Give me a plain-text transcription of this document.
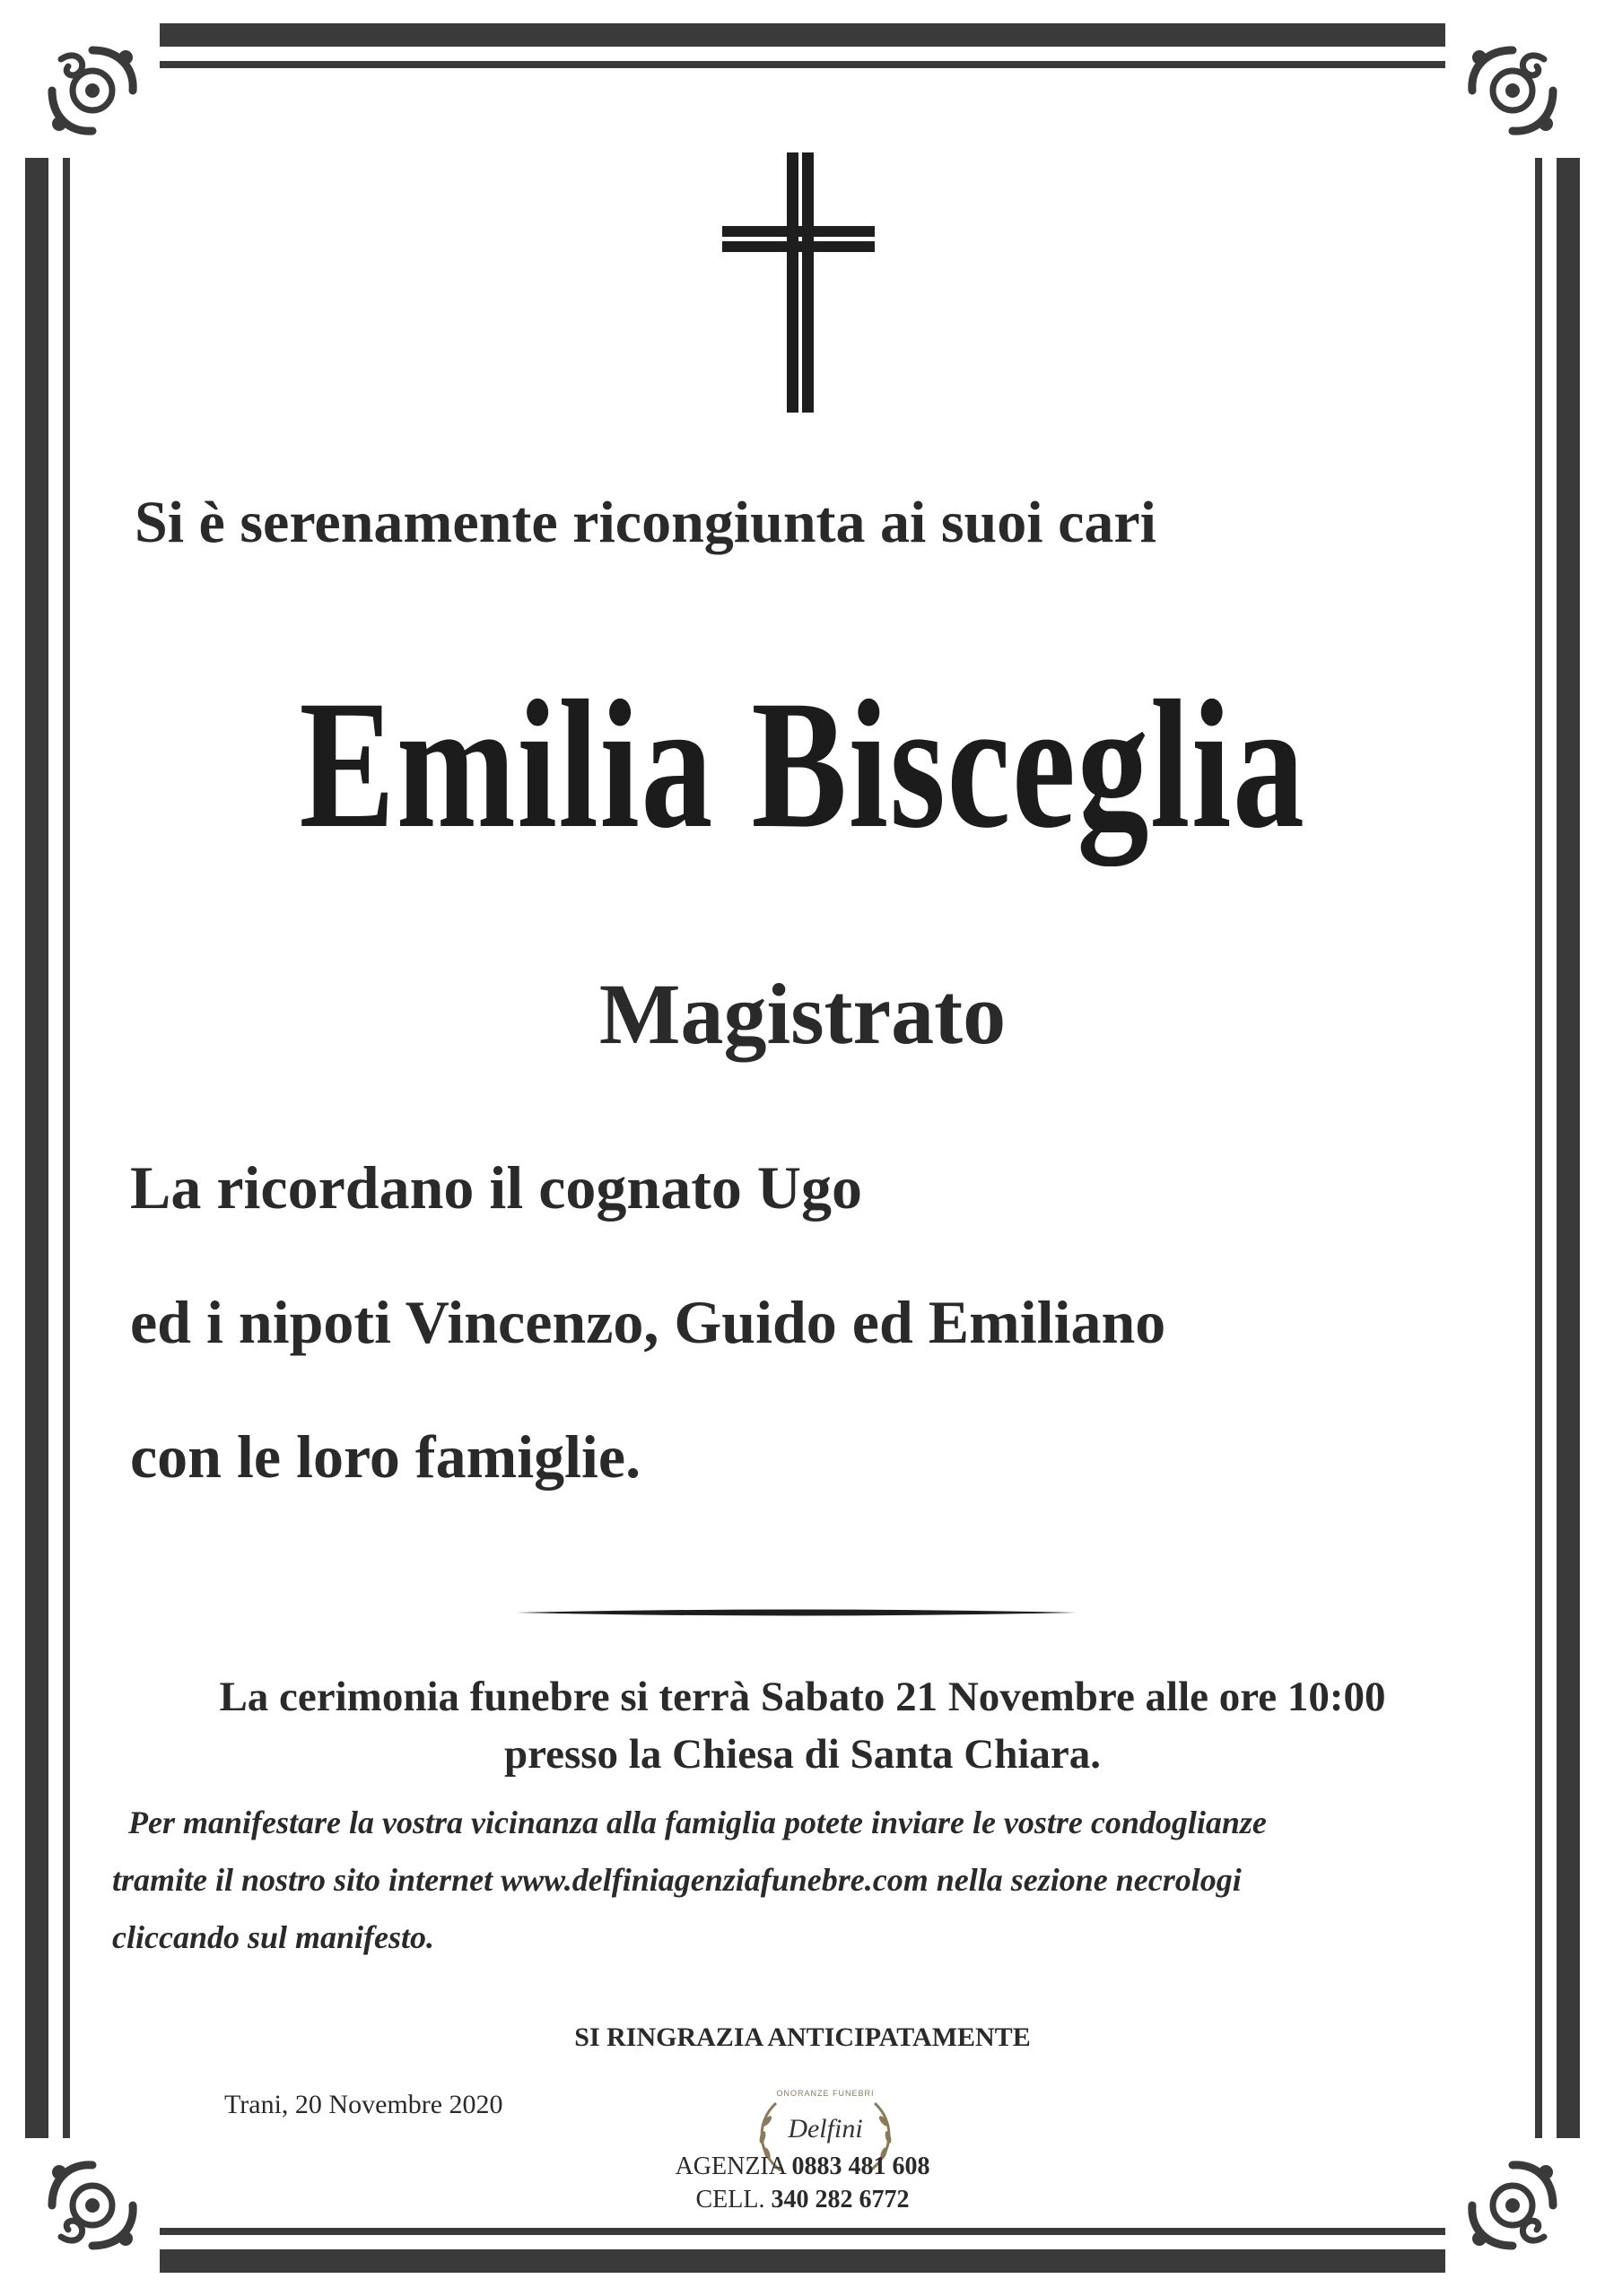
Si è serenamente ricongiunta ai suoi cari
Emilia Bisceglia
Magistrato
La ricordano il cognato Ugo
ed i nipoti Vincenzo, Guido ed Emiliano
con le loro famiglie.
La cerimonia funebre si terrà Sabato 21 Novembre alle ore 10:00
presso la Chiesa di Santa Chiara.
Per manifestare la vostra vicinanza alla famiglia potete inviare le vostre condoglianze
tramite il nostro sito internet www.delfiniagenziafunebre.com nella sezione necrologi
cliccando sul manifesto.
SI RINGRAZIA ANTICIPATAMENTE
Trani, 20 Novembre 2020	ONORANZE FUNEBRI
Delfini
AGENZIA 0883 481 608
CELL. 340 282 6772
